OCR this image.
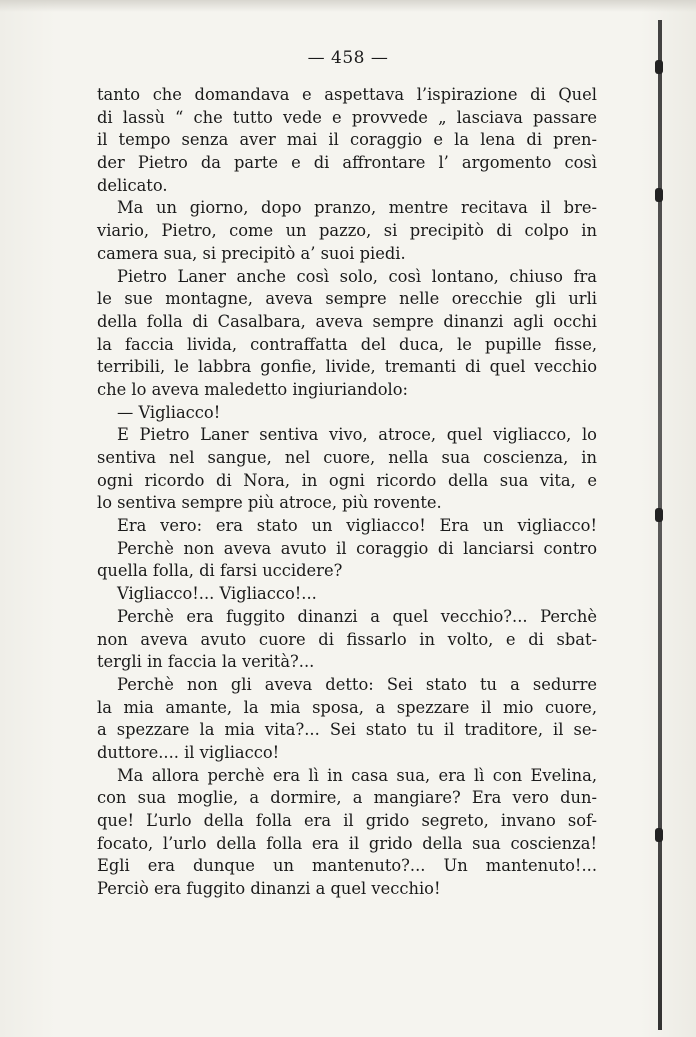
— 458 —
tanto che domandava e aspettava l’ispirazione di Quel
di lassù “ che tutto vede e provvede „ lasciava passare
il tempo senza aver mai il coraggio e la lena di pren-
der Pietro da parte e di affrontare l’ argomento così
delicato.
Ma un giorno, dopo pranzo, mentre recitava il bre-
viario, Pietro, come un pazzo, si precipitò di colpo in
camera sua, si precipitò a’ suoi piedi.
Pietro Laner anche così solo, così lontano, chiuso fra
le sue montagne, aveva sempre nelle orecchie gli urli
della folla di Casalbara, aveva sempre dinanzi agli occhi
la faccia livida, contraffatta del duca, le pupille fisse,
terribili, le labbra gonfie, livide, tremanti di quel vecchio
che lo aveva maledetto ingiuriandolo:
— Vigliacco!
E Pietro Laner sentiva vivo, atroce, quel vigliacco, lo
sentiva nel sangue, nel cuore, nella sua coscienza, in
ogni ricordo di Nora, in ogni ricordo della sua vita, e
lo sentiva sempre più atroce, più rovente.
Era vero: era stato un vigliacco! Era un vigliacco!
Perchè non aveva avuto il coraggio di lanciarsi contro
quella folla, di farsi uccidere?
Vigliacco!... Vigliacco!...
Perchè era fuggito dinanzi a quel vecchio?... Perchè
non aveva avuto cuore di fissarlo in volto, e di sbat-
tergli in faccia la verità?...
Perchè non gli aveva detto: Sei stato tu a sedurre
la mia amante, la mia sposa, a spezzare il mio cuore,
a spezzare la mia vita?... Sei stato tu il traditore, il se-
duttore.... il vigliacco!
Ma allora perchè era lì in casa sua, era lì con Evelina,
con sua moglie, a dormire, a mangiare? Era vero dun-
que! L’urlo della folla era il grido segreto, invano sof-
focato, l’urlo della folla era il grido della sua coscienza!
Egli era dunque un mantenuto?... Un mantenuto!...
Perciò era fuggito dinanzi a quel vecchio!
